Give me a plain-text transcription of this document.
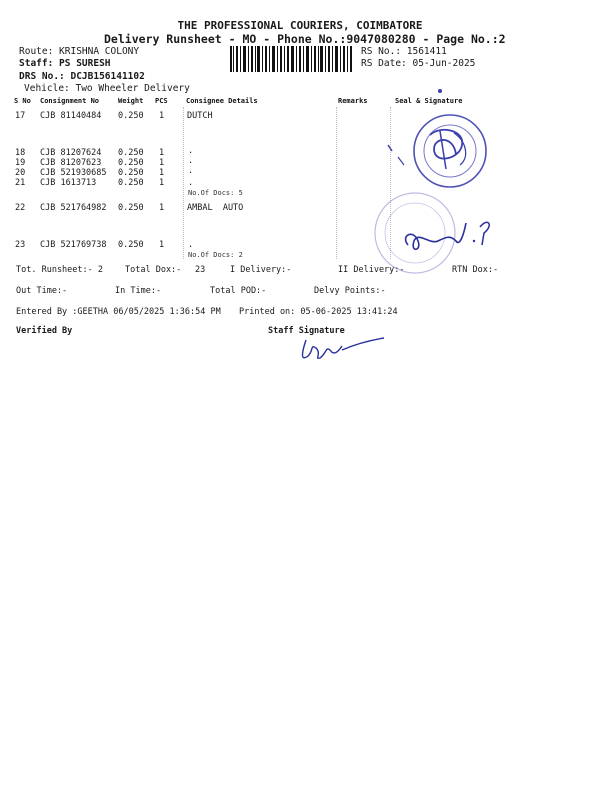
THE PROFESSIONAL COURIERS, COIMBATORE
Delivery Runsheet - MO - Phone No.:9047080280 - Page No.:2
Route: KRISHNA COLONY
Staff: PS SURESH
DRS No.: DCJB156141102
Vehicle: Two Wheeler Delivery
RS No.: 1561411
RS Date: 05-Jun-2025
S No Consignment No	Weight PCS	Consignee Details	Remarks	Seal & Signature
17 CJB 81140484 0.250 1	DUTCH
18 CJB 81207624 0.250 1	.
19 CJB 81207623 0.250 1	.
20 CJB 521930685 0.250 1	.
21 CJB 1613713	0.250 1	.
No.Of Docs: 5
22 CJB 521764982 0.250 1	AMBAL  AUTO
23 CJB 521769738 0.250 1	.
No.Of Docs: 2
Tot. Runsheet:- 2	Total Dox:- 23	I Delivery:-	II Delivery:-	RTN Dox:-
Out Time:-	In Time:-	Total POD:-	Delvy Points:-
Entered By :GEETHA 06/05/2025 1:36:54 PM Printed on: 05-06-2025 13:41:24
Verified By	Staff Signature
